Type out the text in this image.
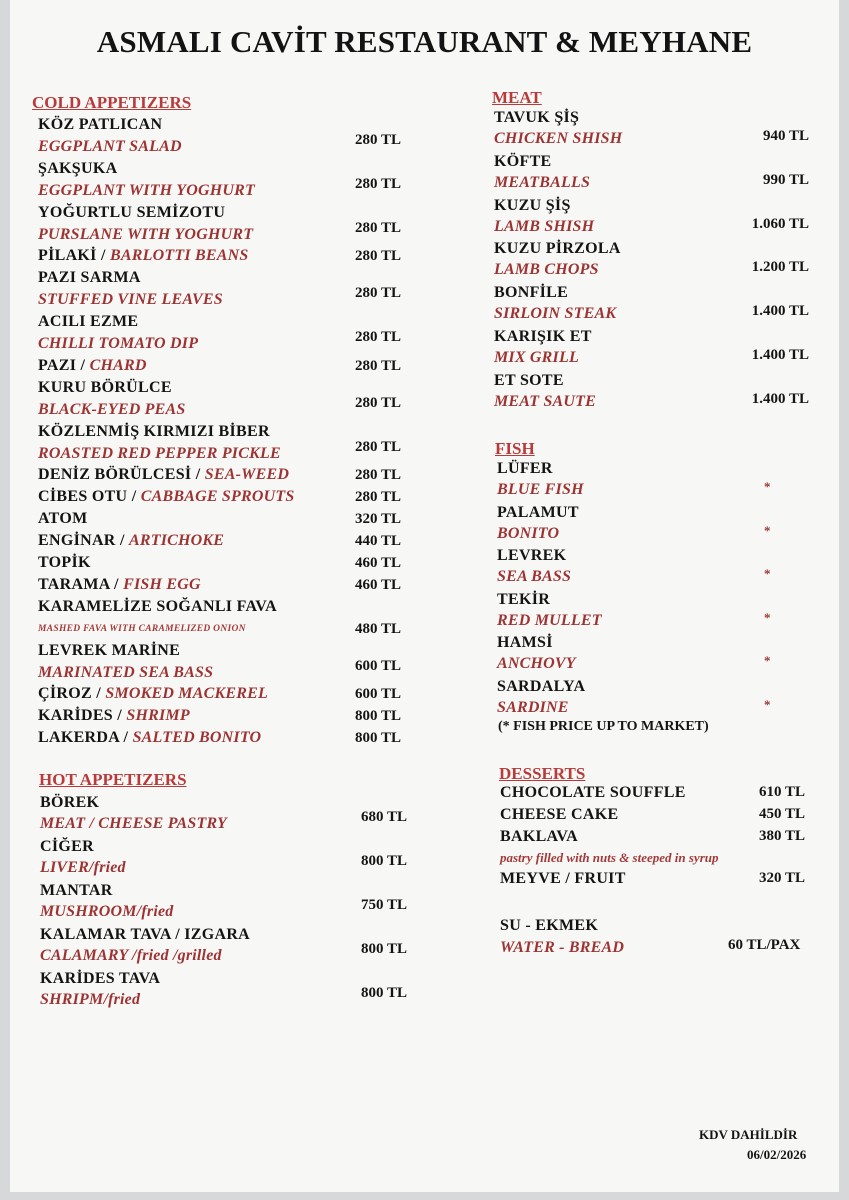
ASMALI CAVİT RESTAURANT & MEYHANE
COLD APPETIZERS
KÖZ PATLICAN
EGGPLANT SALAD	280 TL
ŞAKŞUKA
EGGPLANT WITH YOGHURT	280 TL
YOĞURTLU SEMİZOTU
PURSLANE WITH YOGHURT	280 TL
PİLAKİ / BARLOTTI BEANS	280 TL
PAZI SARMA
STUFFED VINE LEAVES	280 TL
ACILI EZME
CHILLI TOMATO DIP	280 TL
PAZI / CHARD	280 TL
KURU BÖRÜLCE
BLACK-EYED PEAS	280 TL
KÖZLENMİŞ KIRMIZI BİBER
ROASTED RED PEPPER PICKLE	280 TL
DENİZ BÖRÜLCESİ / SEA-WEED	280 TL
CİBES OTU / CABBAGE SPROUTS	280 TL
ATOM	320 TL
ENGİNAR / ARTICHOKE	440 TL
TOPİK	460 TL
TARAMA / FISH EGG	460 TL
KARAMELİZE SOĞANLI FAVA
MASHED FAVA WITH CARAMELIZED ONION	480 TL
LEVREK MARİNE
MARINATED SEA BASS	600 TL
ÇİROZ / SMOKED MACKEREL	600 TL
KARİDES / SHRIMP	800 TL
LAKERDA / SALTED BONITO	800 TL
HOT APPETIZERS
BÖREK
MEAT / CHEESE PASTRY	680 TL
CİĞER
LIVER/fried	800 TL
MANTAR
MUSHROOM/fried	750 TL
KALAMAR TAVA / IZGARA
CALAMARY /fried /grilled	800 TL
KARİDES TAVA
SHRIPM/fried	800 TL
MEAT
TAVUK ŞİŞ
CHICKEN SHISH	940 TL
KÖFTE
MEATBALLS	990 TL
KUZU ŞİŞ
LAMB SHISH	1.060 TL
KUZU PİRZOLA
LAMB CHOPS	1.200 TL
BONFİLE
SIRLOIN STEAK	1.400 TL
KARIŞIK ET
MIX GRILL	1.400 TL
ET SOTE
MEAT SAUTE	1.400 TL
FISH
LÜFER
BLUE FISH	*
PALAMUT
BONITO	*
LEVREK
SEA BASS	*
TEKİR
RED MULLET	*
HAMSİ
ANCHOVY	*
SARDALYA
SARDINE	*
(* FISH PRICE UP TO MARKET)
DESSERTS
CHOCOLATE SOUFFLE	610 TL
CHEESE CAKE	450 TL
BAKLAVA	380 TL
pastry filled with nuts & steeped in syrup
MEYVE / FRUIT	320 TL
SU - EKMEK
WATER - BREAD	60 TL/PAX
KDV DAHİLDİR
06/02/2026
